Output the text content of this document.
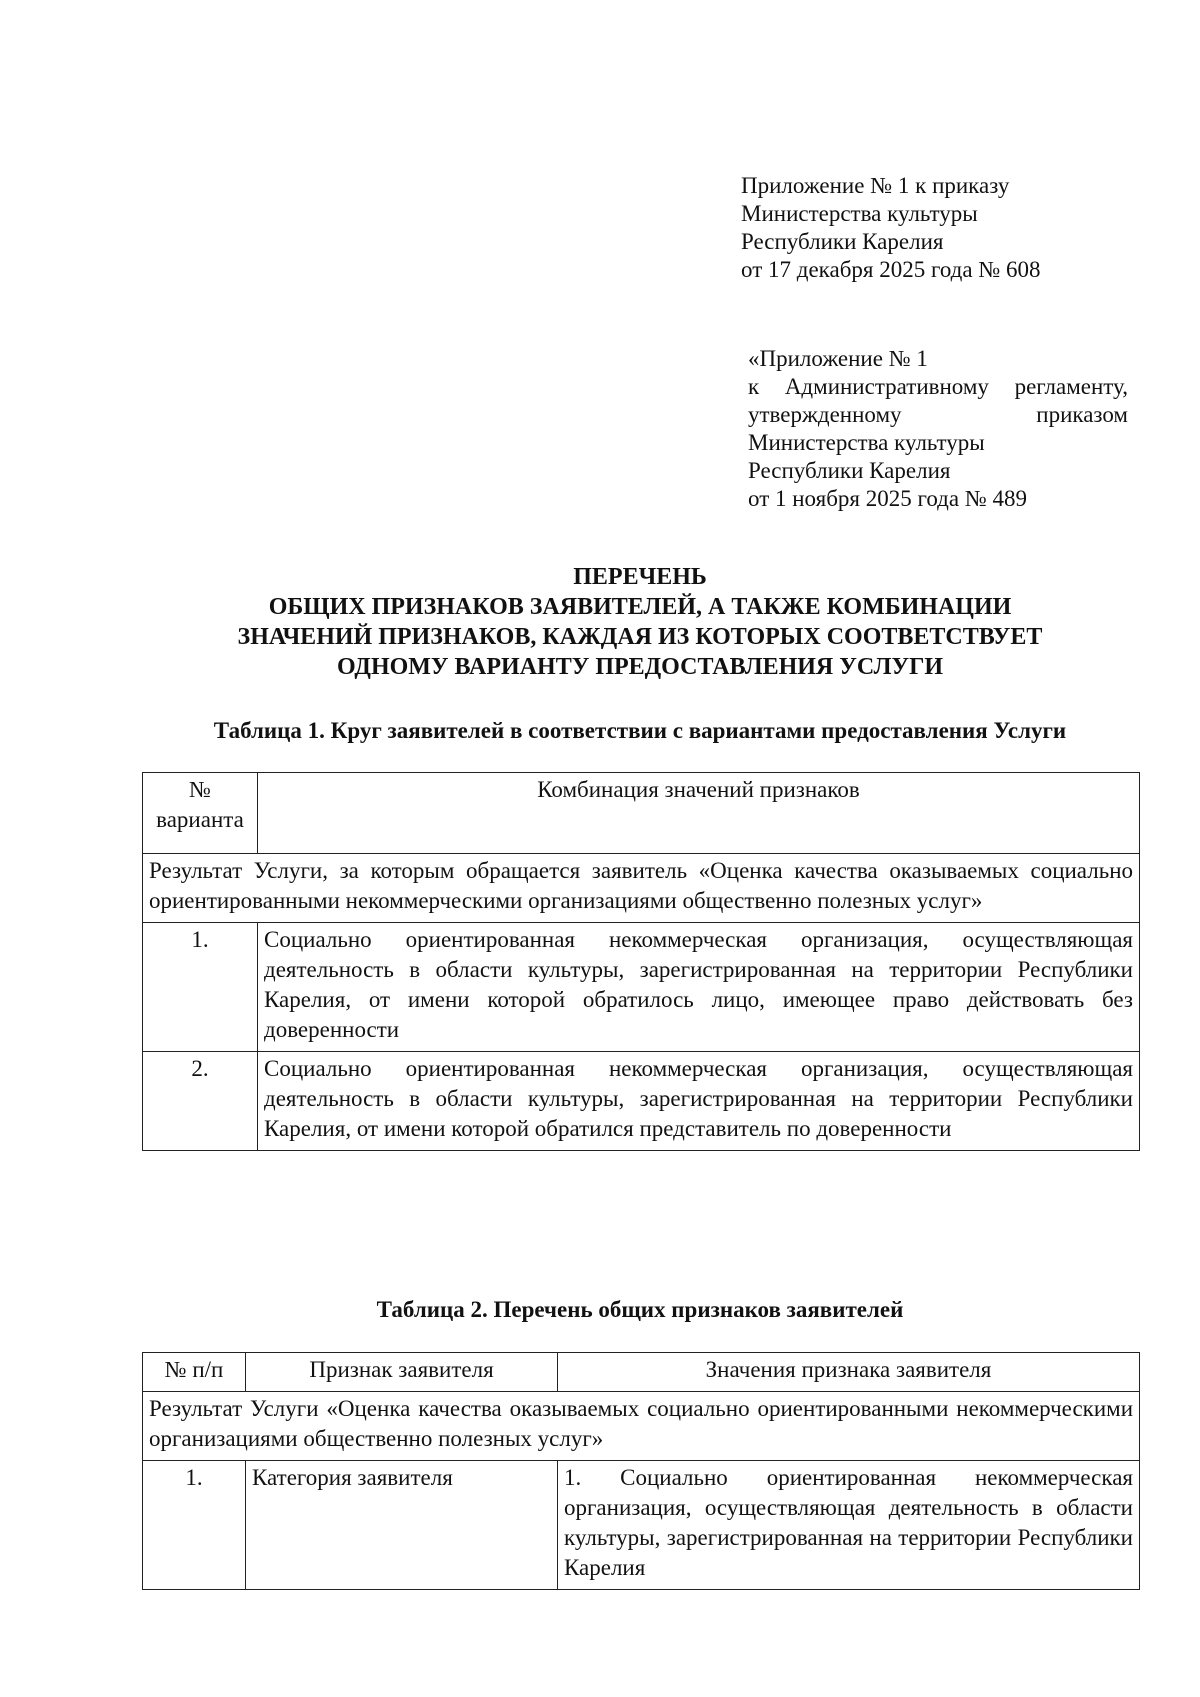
Приложение № 1 к приказу
Министерства культуры
Республики Карелия
от 17 декабря 2025 года № 608
«Приложение № 1
к Административному регламенту,
утвержденному приказом
Министерства культуры
Республики Карелия
от 1 ноября 2025 года № 489
ПЕРЕЧЕНЬ
ОБЩИХ ПРИЗНАКОВ ЗАЯВИТЕЛЕЙ, А ТАКЖЕ КОМБИНАЦИИ
ЗНАЧЕНИЙ ПРИЗНАКОВ, КАЖДАЯ ИЗ КОТОРЫХ СООТВЕТСТВУЕТ
ОДНОМУ ВАРИАНТУ ПРЕДОСТАВЛЕНИЯ УСЛУГИ
Таблица 1. Круг заявителей в соответствии с вариантами предоставления Услуги
№
варианта	Комбинация значений признаков
Результат Услуги, за которым обращается заявитель «Оценка качества оказываемых социально ориентированными некоммерческими организациями общественно полезных услуг»	
1.	Социально ориентированная некоммерческая организация, осуществляющая деятельность в области культуры, зарегистрированная на территории Республики Карелия, от имени которой обратилось лицо, имеющее право действовать без доверенности
2.	Социально ориентированная некоммерческая организация, осуществляющая деятельность в области культуры, зарегистрированная на территории Республики Карелия, от имени которой обратился представитель по доверенности
Таблица 2. Перечень общих признаков заявителей
№ п/п	Признак заявителя	Значения признака заявителя
Результат Услуги «Оценка качества оказываемых социально ориентированными некоммерческими организациями общественно полезных услуг»		
1.	Категория заявителя	1. Социально ориентированная некоммерческая организация, осуществляющая деятельность в области культуры, зарегистрированная на территории Республики Карелия
